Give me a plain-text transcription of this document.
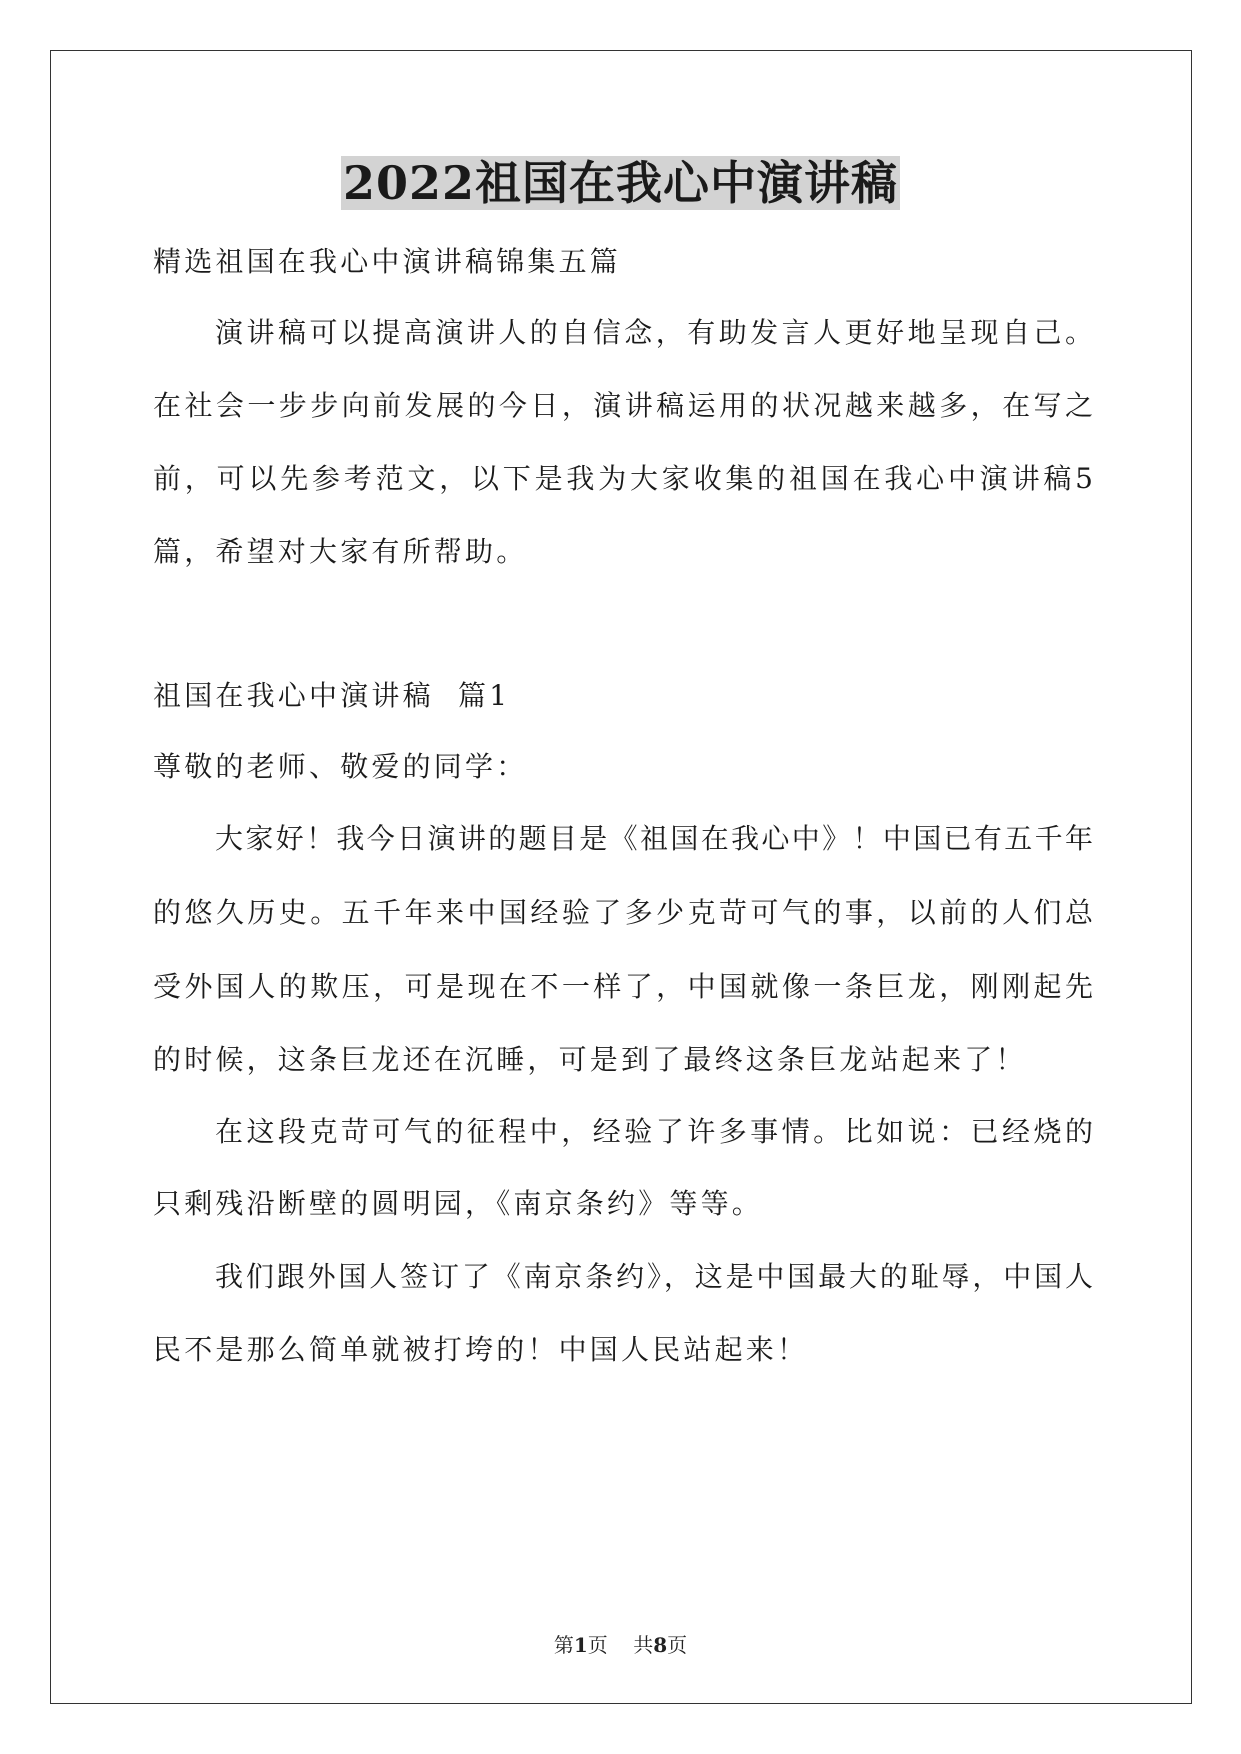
2022祖国在我心中演讲稿

精选祖国在我心中演讲稿锦集五篇

演讲稿可以提高演讲人的自信念，有助发言人更好地呈现自己。

在社会一步步向前发展的今日，演讲稿运用的状况越来越多，在写之

前，可以先参考范文，以下是我为大家收集的祖国在我心中演讲稿5

篇，希望对大家有所帮助。

祖国在我心中演讲稿  篇1

尊敬的老师、敬爱的同学：

大家好！我今日演讲的题目是《祖国在我心中》！中国已有五千年

的悠久历史。五千年来中国经验了多少克苛可气的事，以前的人们总

受外国人的欺压，可是现在不一样了，中国就像一条巨龙，刚刚起先

的时候，这条巨龙还在沉睡，可是到了最终这条巨龙站起来了！

在这段克苛可气的征程中，经验了许多事情。比如说：已经烧的

只剩残沿断壁的圆明园，《南京条约》等等。

我们跟外国人签订了《南京条约》，这是中国最大的耻辱，中国人

民不是那么简单就被打垮的！中国人民站起来！

第1页 共8页
